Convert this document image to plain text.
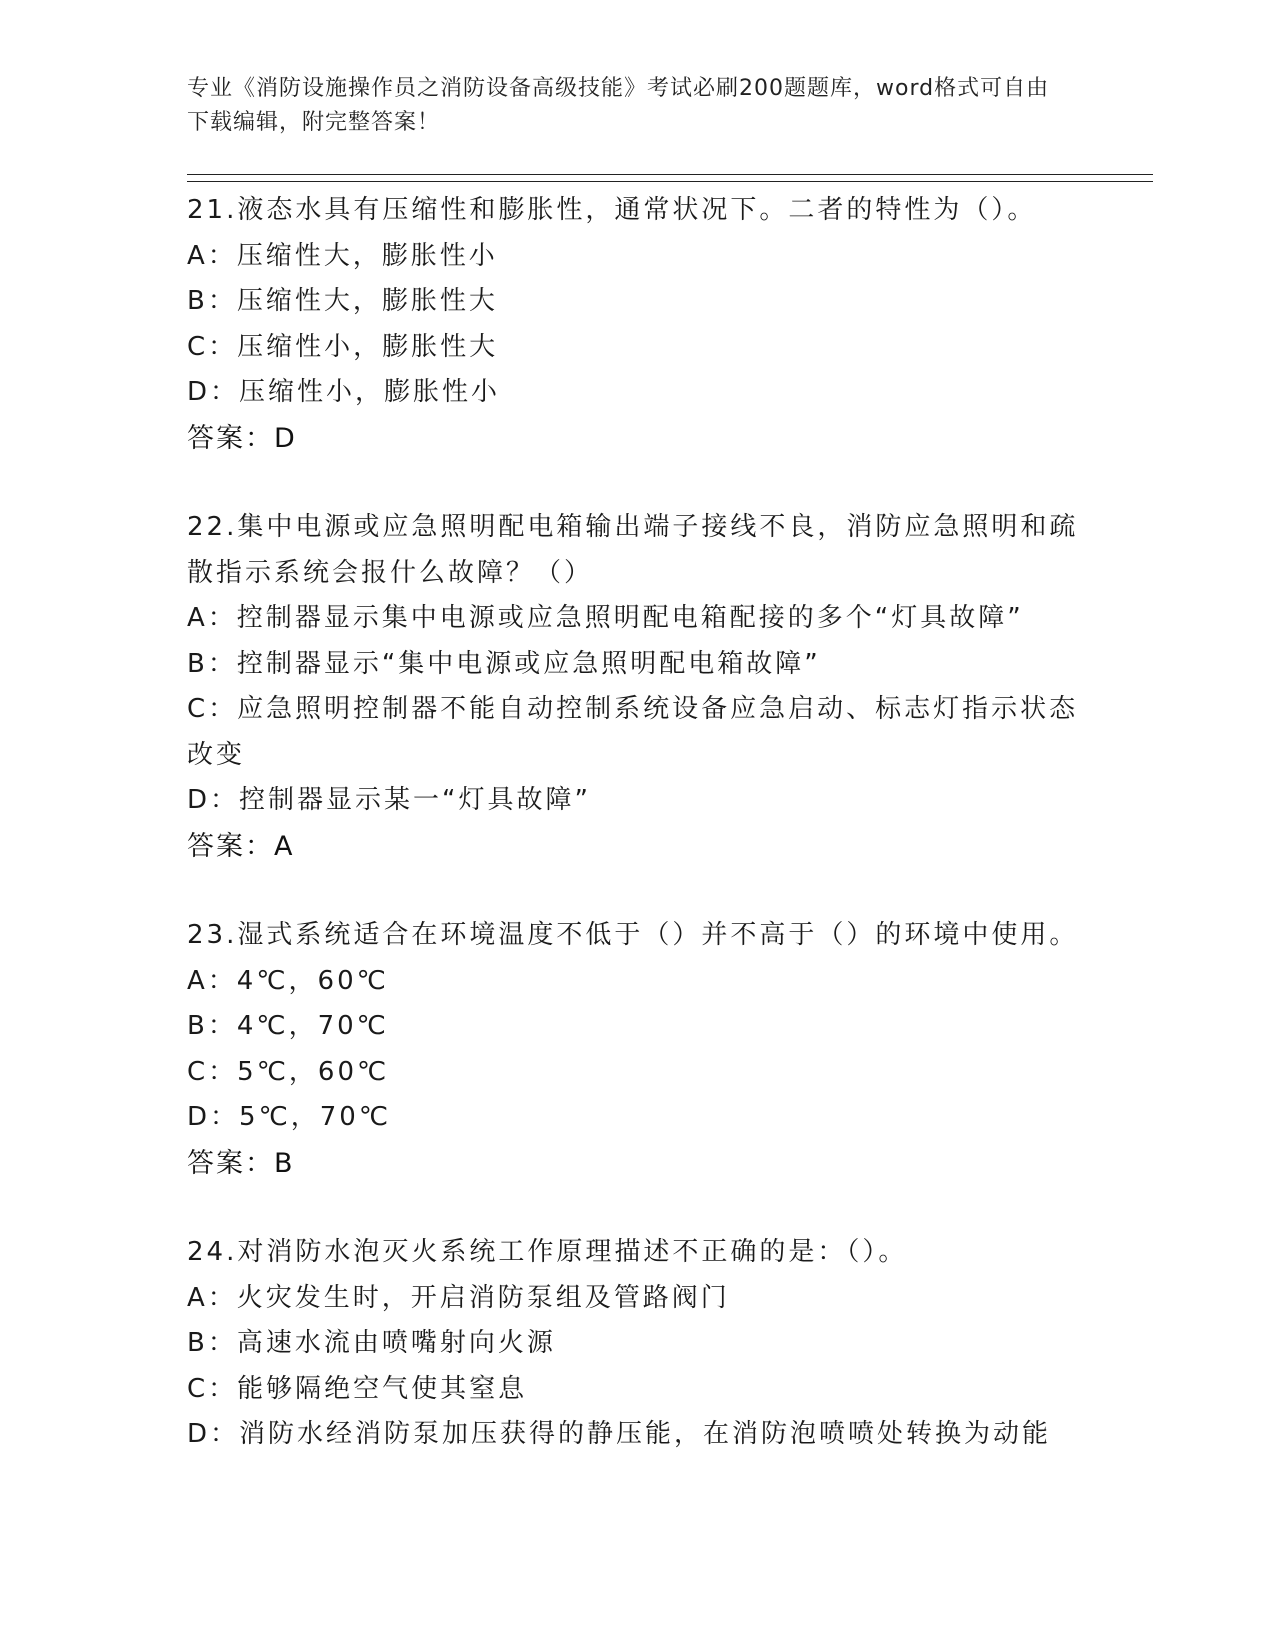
专业《消防设施操作员之消防设备高级技能》考试必刷200题题库，word格式可自由下载编辑，附完整答案！
21.液态水具有压缩性和膨胀性，通常状况下。二者的特性为（）。
A：压缩性大，膨胀性小
B：压缩性大，膨胀性大
C：压缩性小，膨胀性大
D：压缩性小，膨胀性小
答案：D
22.集中电源或应急照明配电箱输出端子接线不良，消防应急照明和疏散指示系统会报什么故障？（）
A：控制器显示集中电源或应急照明配电箱配接的多个“灯具故障”
B：控制器显示“集中电源或应急照明配电箱故障”
C：应急照明控制器不能自动控制系统设备应急启动、标志灯指示状态改变
D：控制器显示某一“灯具故障”
答案：A
23.湿式系统适合在环境温度不低于（）并不高于（）的环境中使用。
A：4℃，60℃
B：4℃，70℃
C：5℃，60℃
D：5℃，70℃
答案：B
24.对消防水泡灭火系统工作原理描述不正确的是：（）。
A：火灾发生时，开启消防泵组及管路阀门
B：高速水流由喷嘴射向火源
C：能够隔绝空气使其窒息
D：消防水经消防泵加压获得的静压能，在消防泡喷喷处转换为动能
